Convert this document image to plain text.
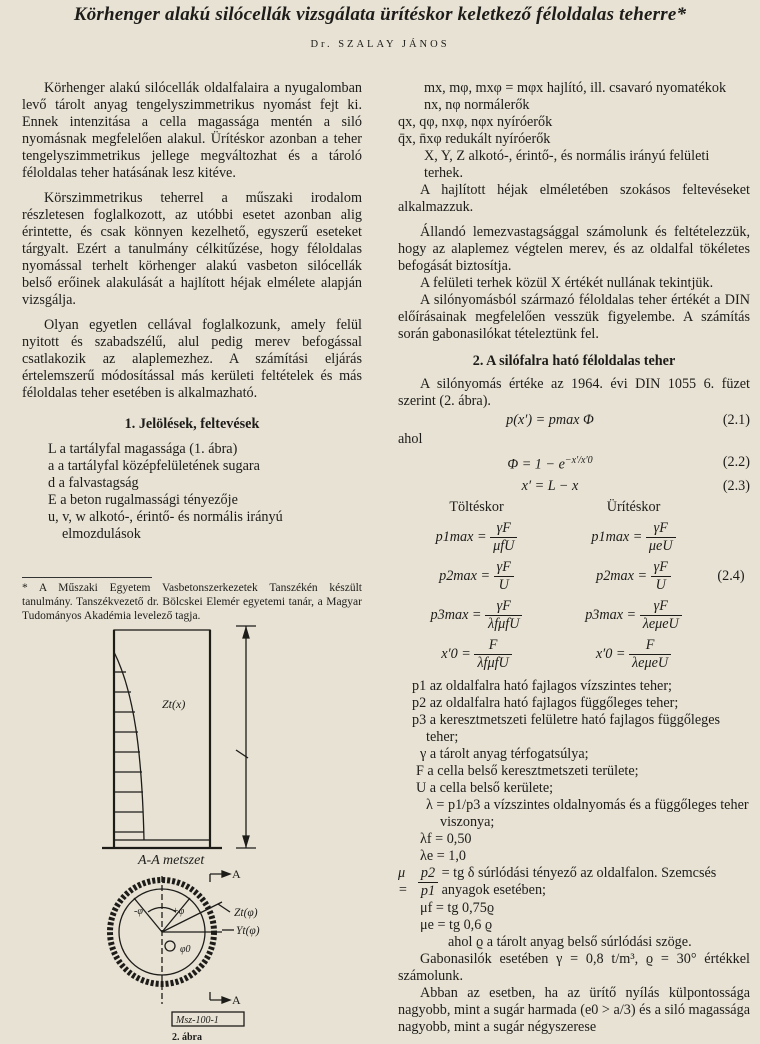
Körhenger alakú silócellák vizsgálata ürítéskor keletkező féloldalas teherre*
Dr. SZALAY JÁNOS

Körhenger alakú silócellák oldalfalaira a nyugalomban levő tárolt anyag tengelyszimmetrikus nyomást fejt ki. Ennek intenzitása a cella magassága mentén a siló nyomásnak megfelelően alakul. Ürítéskor azonban a teher tengelyszimmetrikus jellege megváltozhat és a tároló féloldalas teher hatásának lesz kitéve.

Körszimmetrikus teherrel a műszaki irodalom részletesen foglalkozott, az utóbbi esetet azonban alig érintette, és csak könnyen kezelhető, egyszerű eseteket tárgyalt. Ezért a tanulmány célkitűzése, hogy féloldalas nyomással terhelt körhenger alakú vasbeton silócellák belső erőinek alakulását a hajlított héjak elmélete alapján vizsgálja.

Olyan egyetlen cellával foglalkozunk, amely felül nyitott és szabadszélű, alul pedig merev befogással csatlakozik az alaplemezhez. A számítási eljárás értelemszerű módosítással más kerületi feltételek és más féloldalas teher esetében is alkalmazható.

1. Jelölések, feltevések

L a tartályfal magassága (1. ábra)

a a tartályfal középfelületének sugara

d a falvastagság

E a beton rugalmassági tényezője

u, v, w alkotó-, érintő- és normális irányú elmozdulások

* A Műszaki Egyetem Vasbetonszerkezetek Tanszékén készült tanulmány. Tanszékvezető dr. Bölcskei Elemér egyetemi tanár, a Magyar Tudományos Akadémia levelező tagja.

Zt(x)
A-A metszet
A
A
Zt(φ)
Yt(φ)
-φ	+φ
φ0
Msz-100-1
2. ábra

mx, mφ, mxφ = mφx hajlító, ill. csavaró nyomatékok

nx, nφ normálerők

qx, qφ, nxφ, nφx nyíróerők

q̄x, n̄xφ redukált nyíróerők

X, Y, Z alkotó-, érintő-, és normális irányú felületi terhek.

A hajlított héjak elméletében szokásos feltevéseket alkalmazzuk.

Állandó lemezvastagsággal számolunk és feltételezzük, hogy az alaplemez végtelen merev, és az oldalfal tökéletes befogását biztosítja.

A felületi terhek közül X értékét nullának tekintjük.

A silónyomásból származó féloldalas teher értékét a DIN előírásainak megfelelően vesszük figyelembe. A számítás során gabonasilókat tételeztünk fel.

2. A silófalra ható féloldalas teher

A silónyomás értéke az 1964. évi DIN 1055 6. füzet szerint (2. ábra).

p(x′) = pmax Φ	(2.1)

ahol

$\Phi = 1 - e^{-x'/x'0}$	(2.2)
x′ = L − x	(2.3)
Töltéskor	Ürítéskor
$p1\max = \frac{\gamma F}{\text{μfU}}$	$p1\max = \frac{\gamma F}{\text{μeU}}$
$p2\max = \frac{\gamma F}{U}$	$p2\max = \frac{\gamma F}{U}$	(2.4)
$p3\max = \frac{\gamma F}{\text{λfμfU}}$	$p3\max = \frac{\gamma F}{\text{λeμeU}}$
$x'0 = \frac{F}{\text{λfμfU}}$	$x'0 = \frac{F}{\text{λeμeU}}$

p1 az oldalfalra ható fajlagos vízszintes teher;

p2 az oldalfalra ható fajlagos függőleges teher;

p3 a keresztmetszeti felületre ható fajlagos függőleges teher;

γ a tárolt anyag térfogatsúlya;

F a cella belső keresztmetszeti területe;

U a cella belső kerülete;

λ = p1/p3 a vízszintes oldalnyomás és a függőleges teher viszonya;

λf = 0,50

λe = 1,0

μ =
$\frac{p2}{p1}$
= tg δ súrlódási tényező az oldalfalon. Szemcsés anyagok esetében;

μf = tg 0,75ϱ

μe = tg 0,6 ϱ

ahol ϱ a tárolt anyag belső súrlódási szöge.

Gabonasilók esetében γ = 0,8 t/m³, ϱ = 30° értékkel számolunk.

Abban az esetben, ha az ürítő nyílás külpontossága nagyobb, mint a sugár harmada (e0 > a/3) és a siló magassága nagyobb, mint a sugár négyszerese
